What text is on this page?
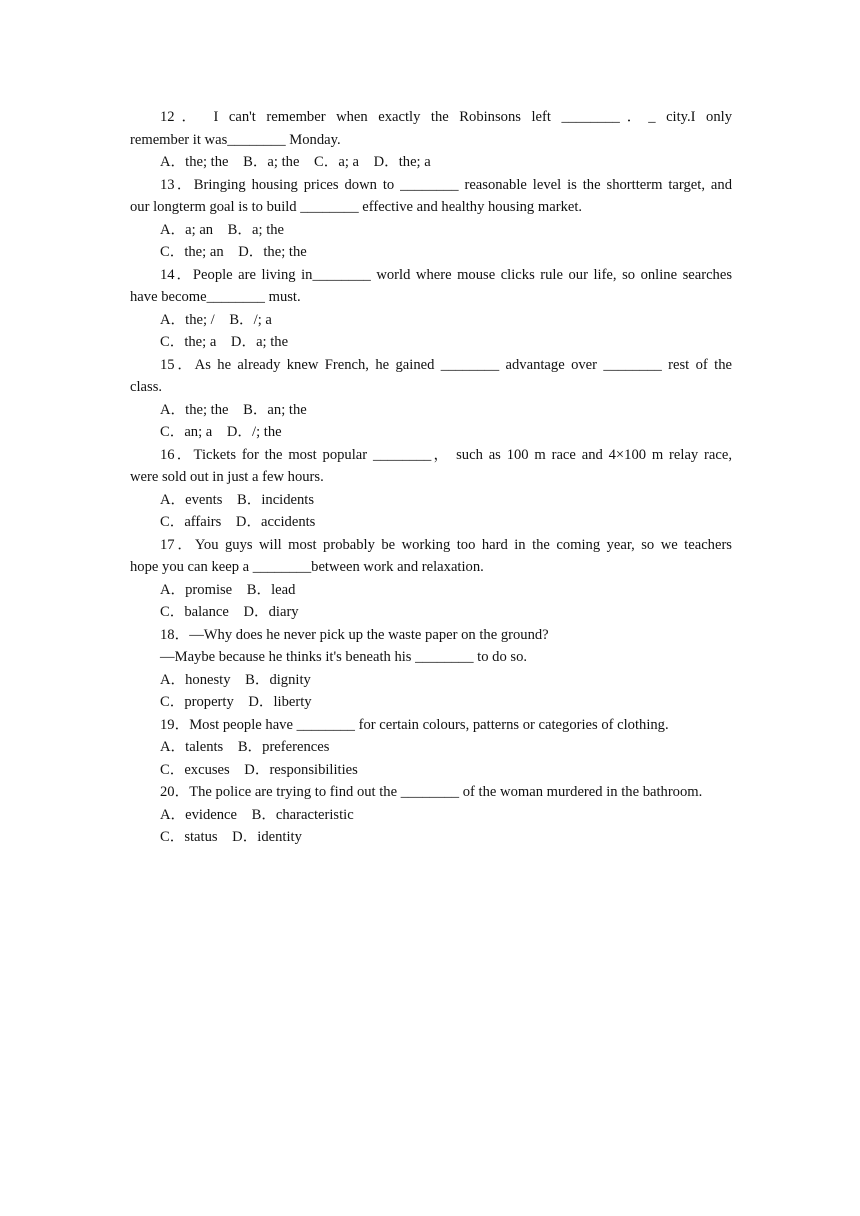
12． I can't remember when exactly the Robinsons left ________．_ city.I only
remember it was________ Monday.
A．the; the　B．a; the　C．a; a　D．the; a
13．Bringing housing prices down to ________ reasonable level is the shortterm target, and
our longterm goal is to build ________ effective and healthy housing market.
A．a; an　B．a; the
C．the; an　D．the; the
14．People are living in________ world where mouse clicks rule our life, so online searches
have become________ must.
A．the; /　B．/; a
C．the; a　D．a; the
15．As he already knew French, he gained ________ advantage over ________ rest of the
class.
A．the; the　B．an; the
C．an; a　D．/; the
16．Tickets for the most popular ________， such as 100 m race and 4×100 m relay race,
were sold out in just a few hours.
A．events　B．incidents
C．affairs　D．accidents
17．You guys will most probably be working too hard in the coming year, so we teachers
hope you can keep a ________between work and relaxation.
A．promise　B．lead
C．balance　D．diary
18．—Why does he never pick up the waste paper on the ground?
—Maybe because he thinks it's beneath his ________ to do so.
A．honesty　B．dignity
C．property　D．liberty
19．Most people have ________ for certain colours, patterns or categories of clothing.
A．talents　B．preferences
C．excuses　D．responsibilities
20．The police are trying to find out the ________ of the woman murdered in the bathroom.
A．evidence　B．characteristic
C．status　D．identity
